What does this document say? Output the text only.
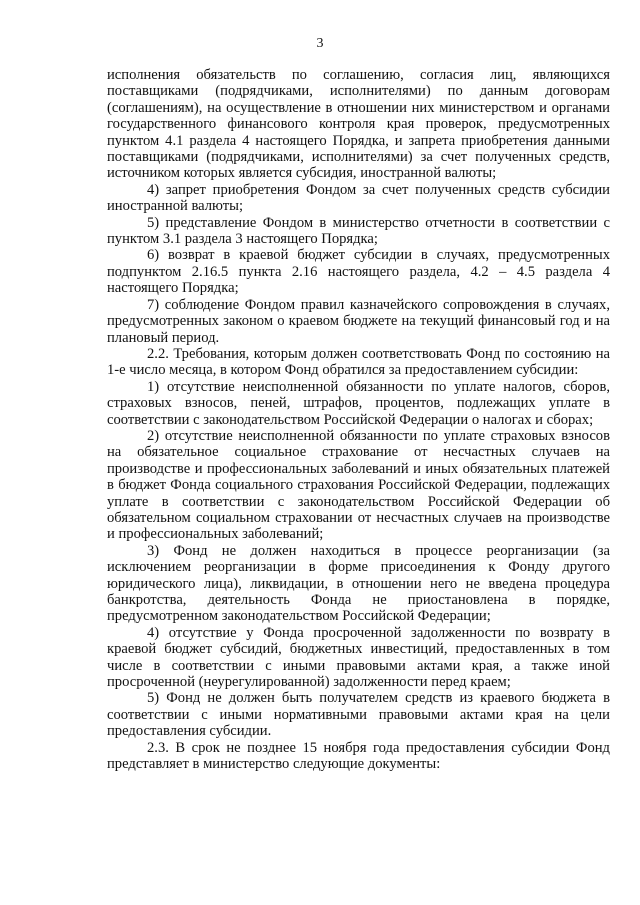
3

исполнения обязательств по соглашению, согласия лиц, являющихся поставщиками (подрядчиками, исполнителями) по данным договорам (соглашениям), на осуществление в отношении них министерством и органами государственного финансового контроля края проверок, предусмотренных пунктом 4.1 раздела 4 настоящего Порядка, и запрета приобретения данными поставщиками (подрядчиками, исполнителями) за счет полученных средств, источником которых является субсидия, иностранной валюты;

4) запрет приобретения Фондом за счет полученных средств субсидии иностранной валюты;

5) представление Фондом в министерство отчетности в соответствии с пунктом 3.1 раздела 3 настоящего Порядка;

6) возврат в краевой бюджет субсидии в случаях, предусмотренных подпунктом 2.16.5 пункта 2.16 настоящего раздела, 4.2 – 4.5 раздела 4 настоящего Порядка;

7) соблюдение Фондом правил казначейского сопровождения в случаях, предусмотренных законом о краевом бюджете на текущий финансовый год и на плановый период.

2.2. Требования, которым должен соответствовать Фонд по состоянию на 1-е число месяца, в котором Фонд обратился за предоставлением субсидии:

1) отсутствие неисполненной обязанности по уплате налогов, сборов, страховых взносов, пеней, штрафов, процентов, подлежащих уплате в соответствии с законодательством Российской Федерации о налогах и сборах;

2) отсутствие неисполненной обязанности по уплате страховых взносов на обязательное социальное страхование от несчастных случаев на производстве и профессиональных заболеваний и иных обязательных платежей в бюджет Фонда социального страхования Российской Федерации, подлежащих уплате в соответствии с законодательством Российской Федерации об обязательном социальном страховании от несчастных случаев на производстве и профессиональных заболеваний;

3) Фонд не должен находиться в процессе реорганизации (за исключением реорганизации в форме присоединения к Фонду другого юридического лица), ликвидации, в отношении него не введена процедура банкротства, деятельность Фонда не приостановлена в порядке, предусмотренном законодательством Российской Федерации;

4) отсутствие у Фонда просроченной задолженности по возврату в краевой бюджет субсидий, бюджетных инвестиций, предоставленных в том числе в соответствии с иными правовыми актами края, а также иной просроченной (неурегулированной) задолженности перед краем;

5) Фонд не должен быть получателем средств из краевого бюджета в соответствии с иными нормативными правовыми актами края на цели предоставления субсидии.

2.3. В срок не позднее 15 ноября года предоставления субсидии Фонд представляет в министерство следующие документы:
